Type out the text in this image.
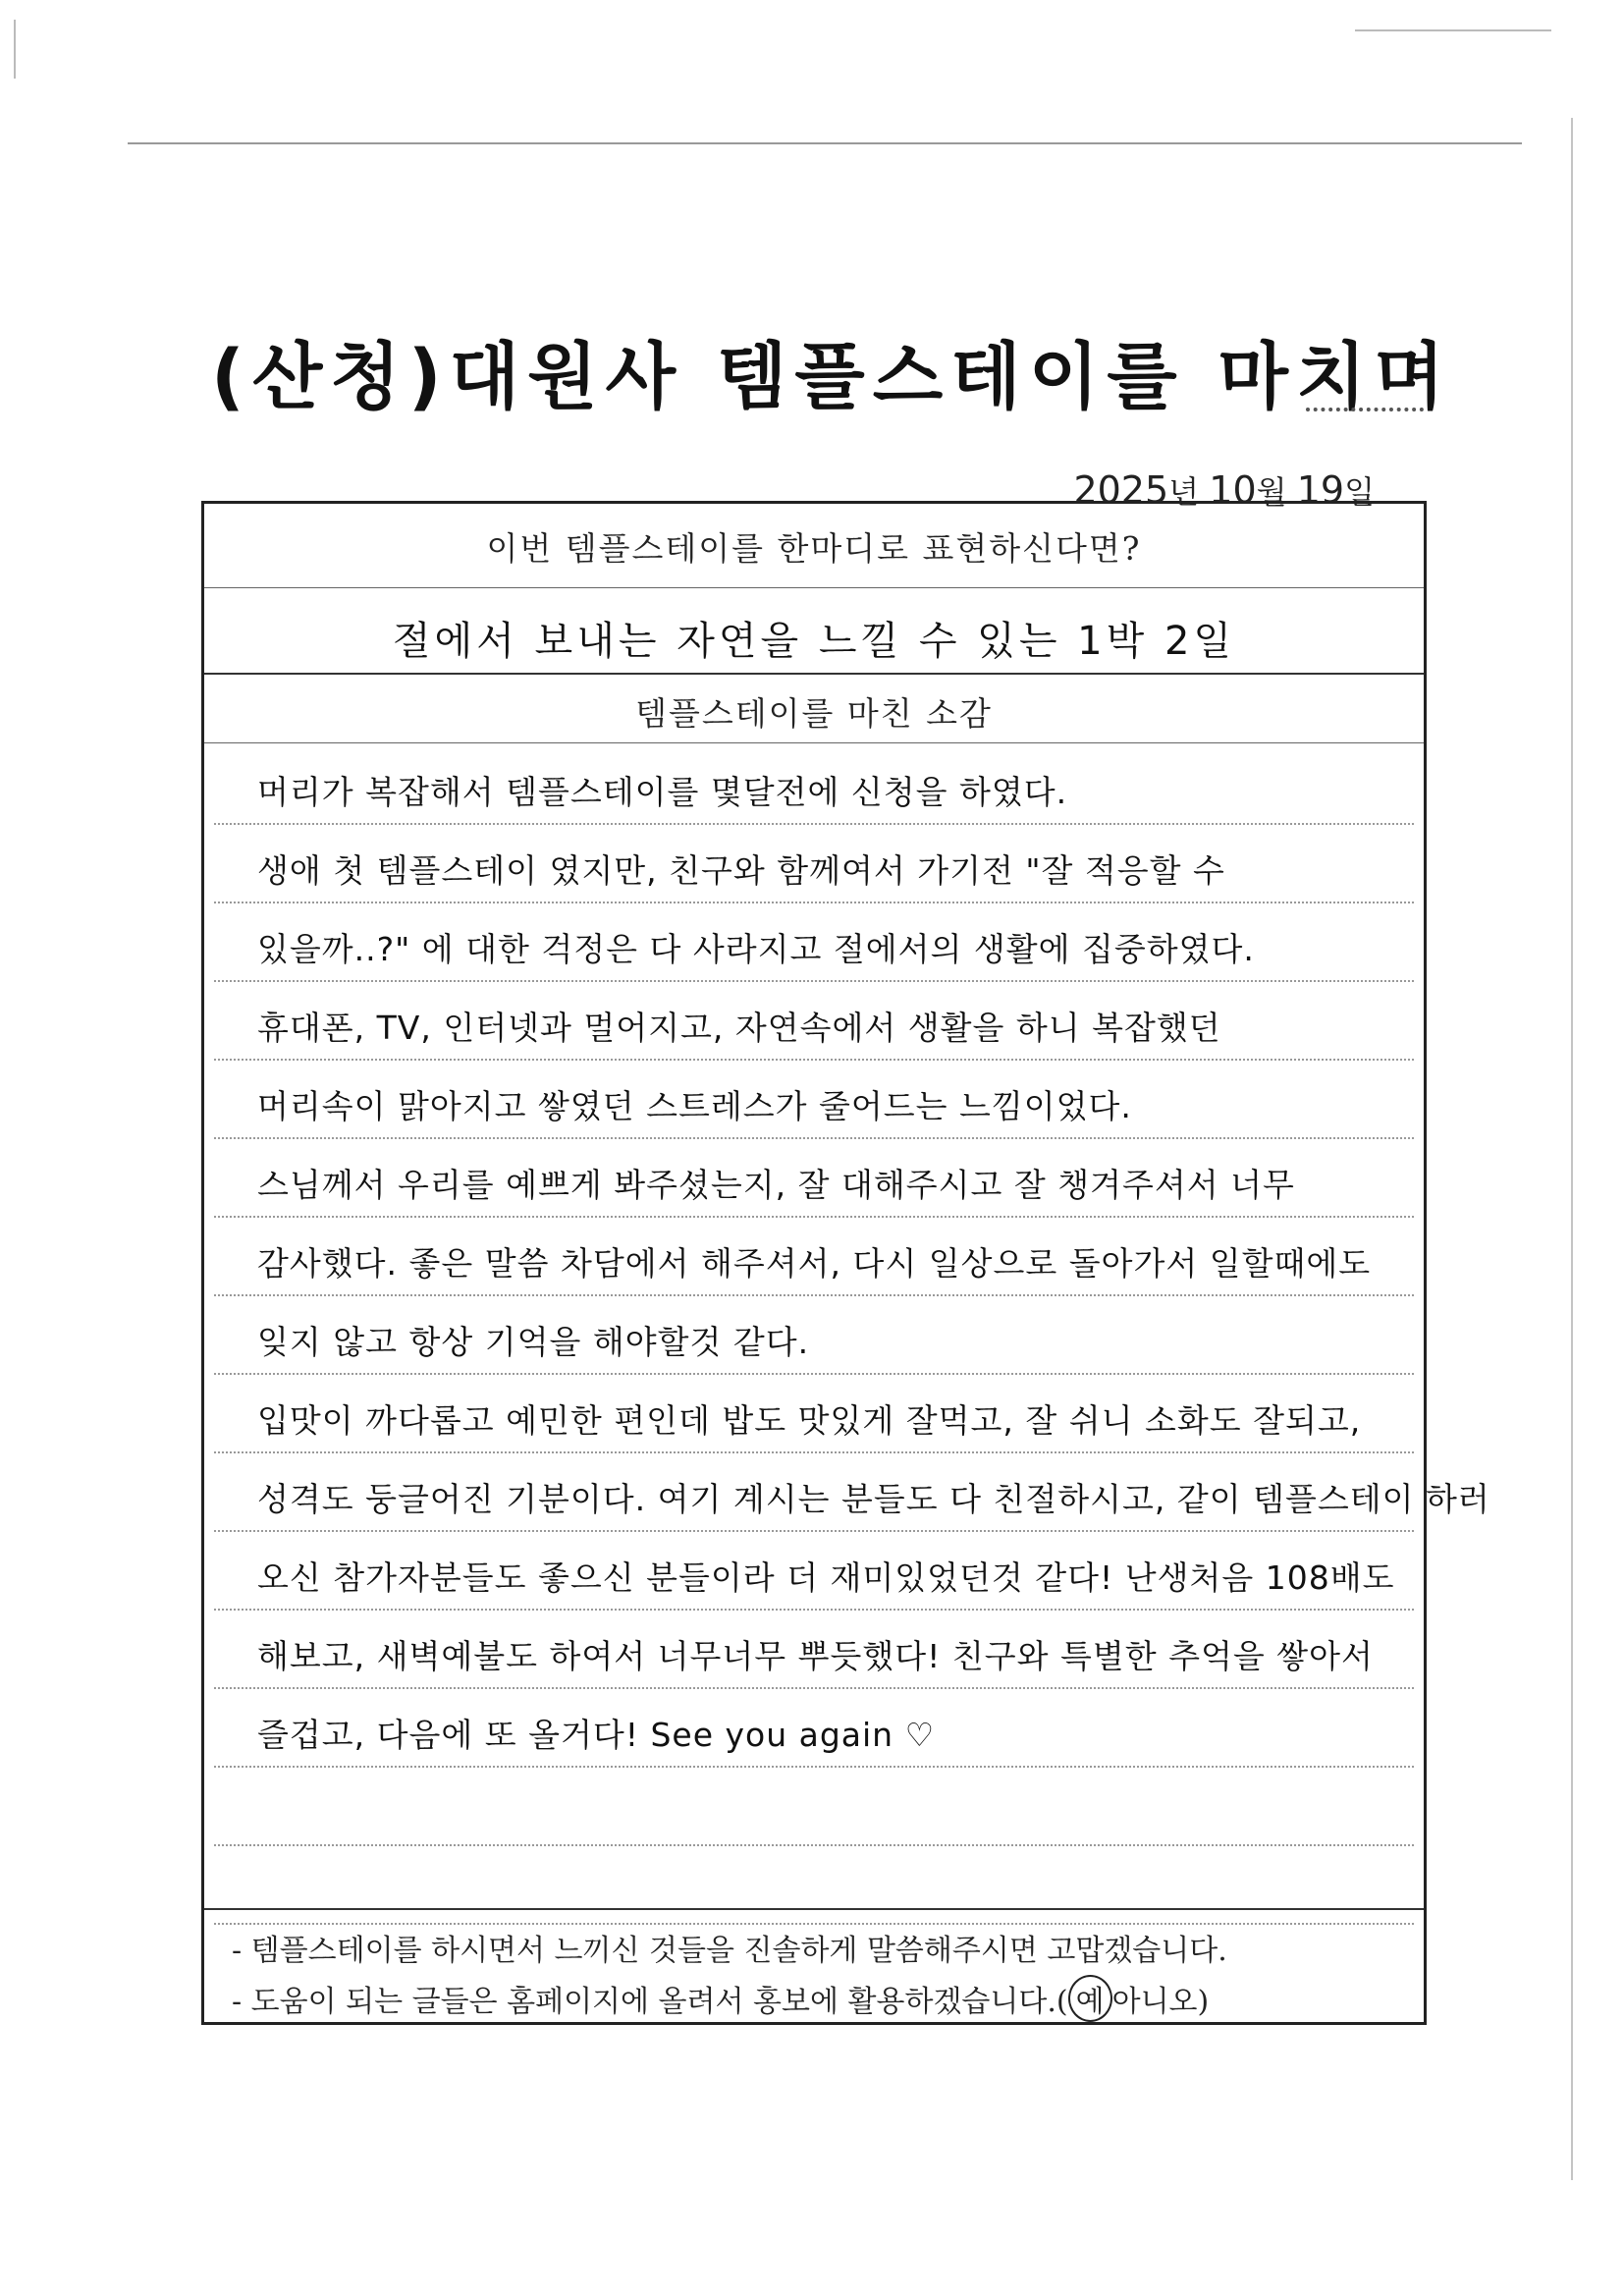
(산청)대원사 템플스테이를 마치며
2025년 10월 19일
이번 템플스테이를 한마디로 표현하신다면?
절에서 보내는 자연을 느낄 수 있는 1박 2일
템플스테이를 마친 소감
머리가 복잡해서 템플스테이를 몇달전에 신청을 하였다.
생애 첫 템플스테이 였지만, 친구와 함께여서 가기전 "잘 적응할 수
있을까..?" 에 대한 걱정은 다 사라지고 절에서의 생활에 집중하였다.
휴대폰, TV, 인터넷과 멀어지고, 자연속에서 생활을 하니 복잡했던
머리속이 맑아지고 쌓였던 스트레스가 줄어드는 느낌이었다.
스님께서 우리를 예쁘게 봐주셨는지, 잘 대해주시고 잘 챙겨주셔서 너무
감사했다. 좋은 말씀 차담에서 해주셔서, 다시 일상으로 돌아가서 일할때에도
잊지 않고 항상 기억을 해야할것 같다.
입맛이 까다롭고 예민한 편인데 밥도 맛있게 잘먹고, 잘 쉬니 소화도 잘되고,
성격도 둥글어진 기분이다. 여기 계시는 분들도 다 친절하시고, 같이 템플스테이 하러
오신 참가자분들도 좋으신 분들이라 더 재미있었던것 같다! 난생처음 108배도
해보고, 새벽예불도 하여서 너무너무 뿌듯했다! 친구와 특별한 추억을 쌓아서
즐겁고, 다음에 또 올거다! See you again ♡
- 템플스테이를 하시면서 느끼신 것들을 진솔하게 말씀해주시면 고맙겠습니다.
- 도움이 되는 글들은 홈페이지에 올려서 홍보에 활용하겠습니다.( 예 아니오)
